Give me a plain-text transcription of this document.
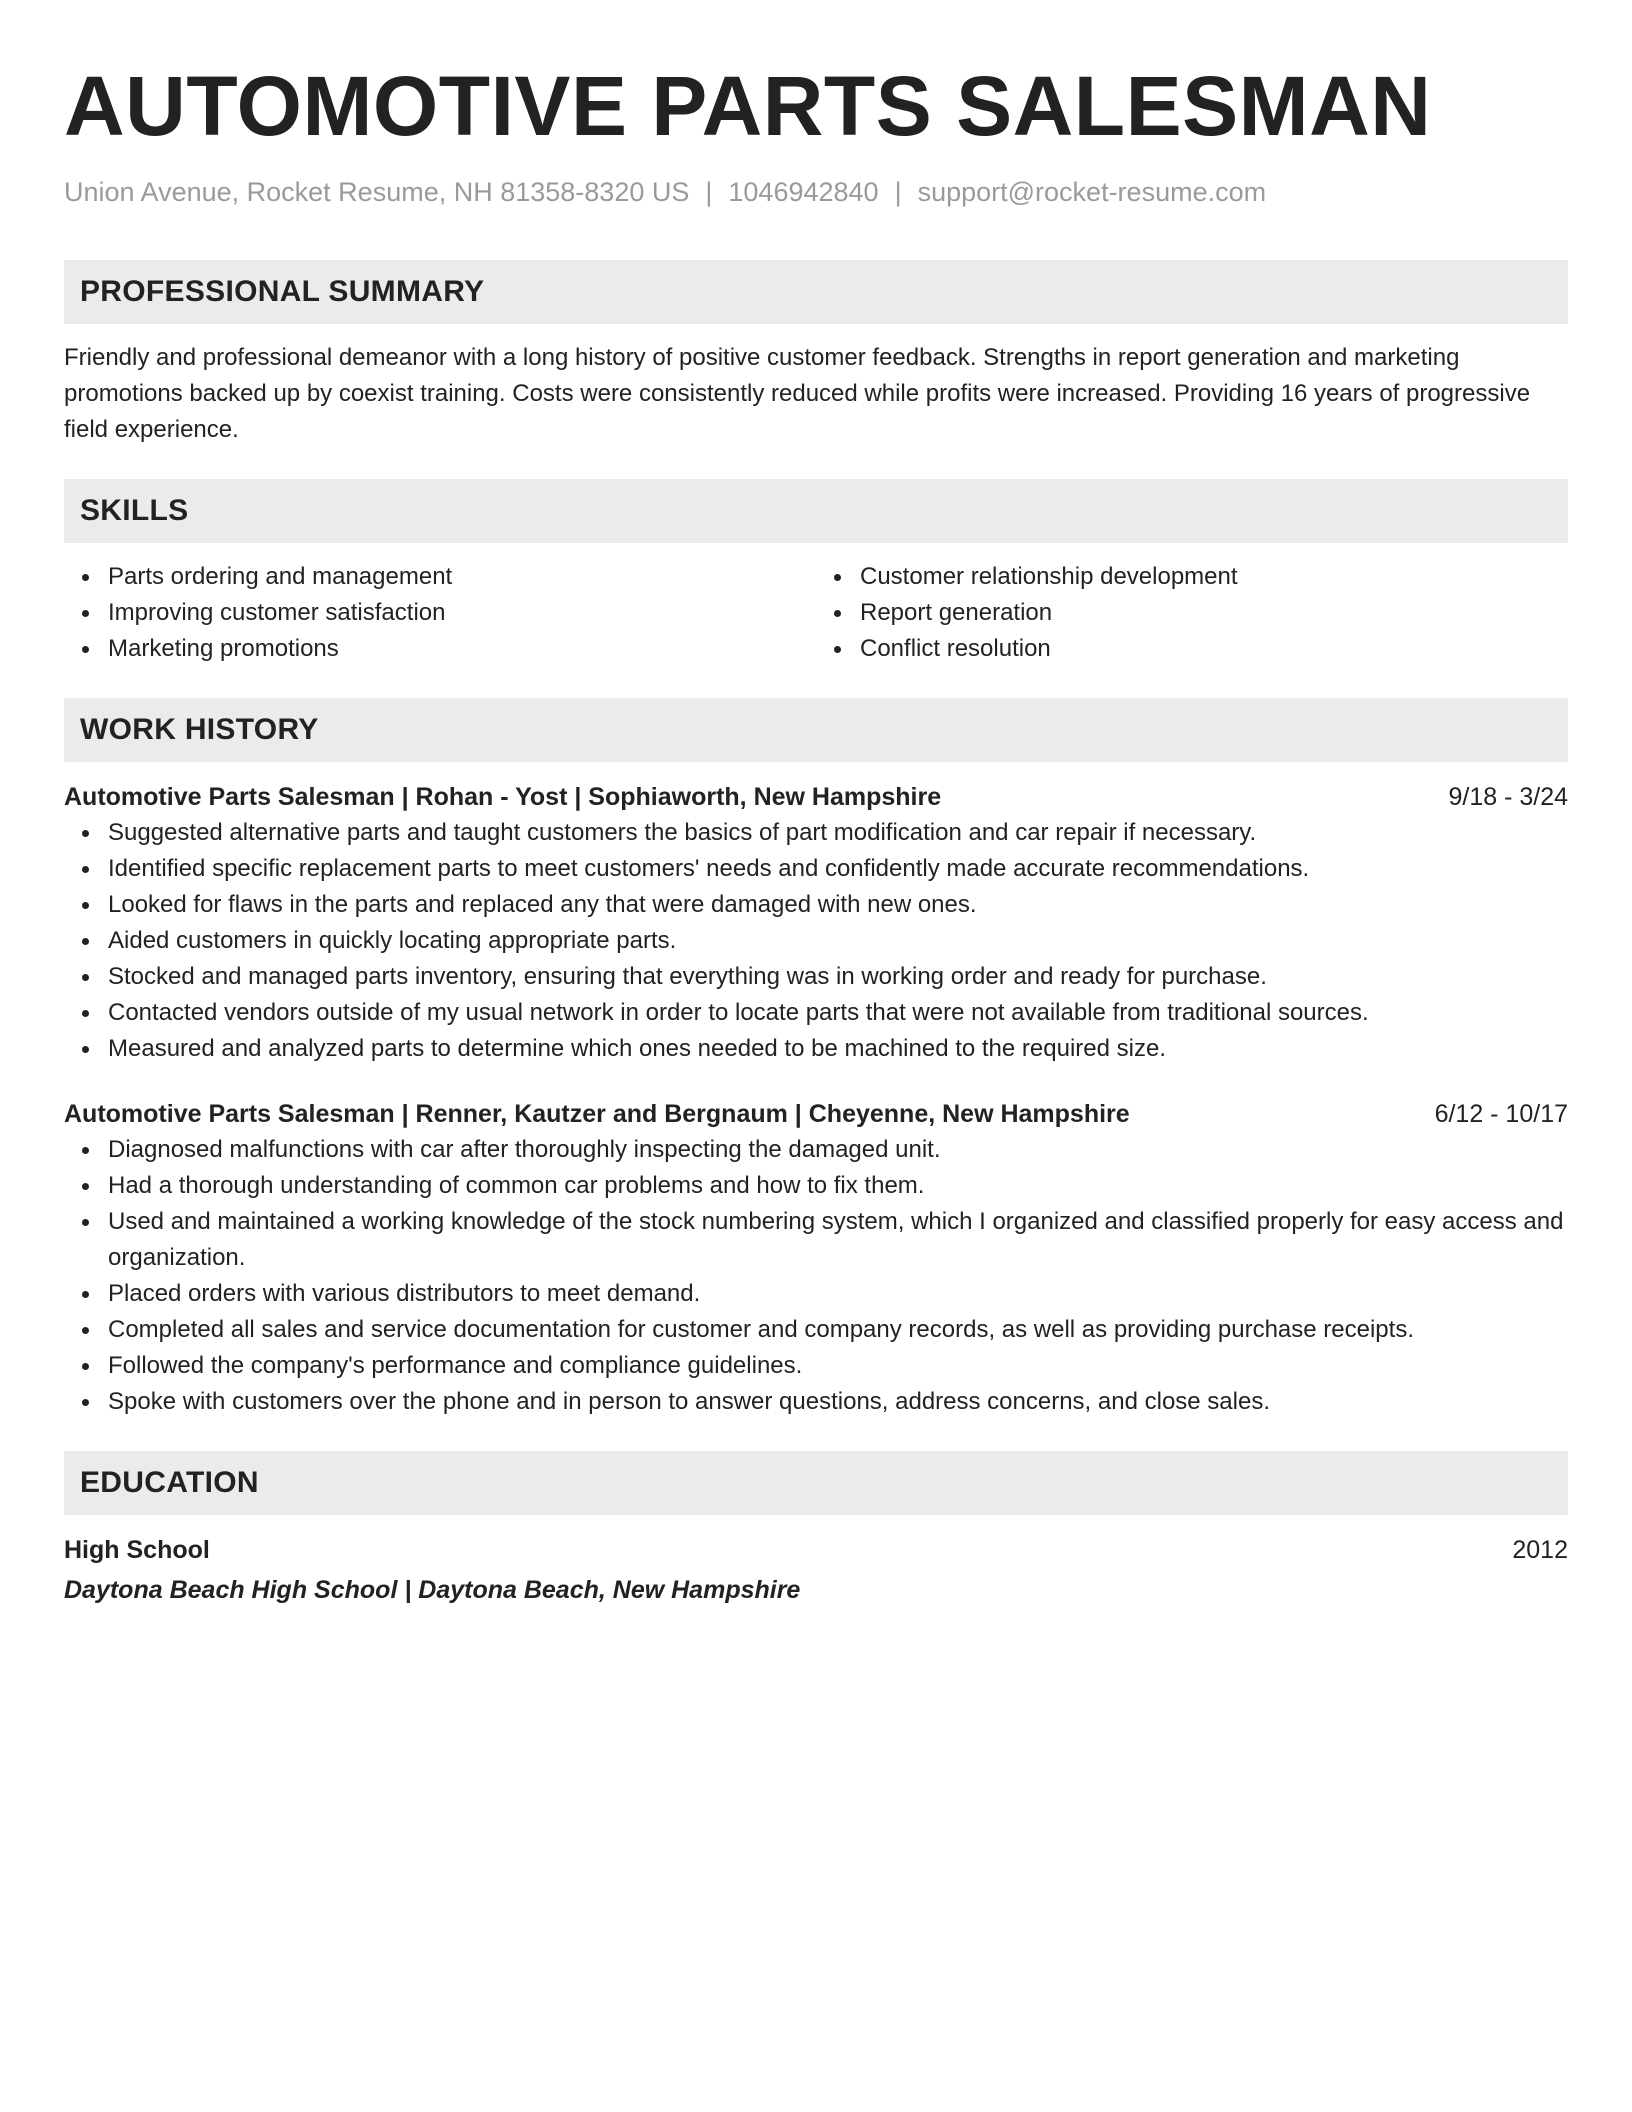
AUTOMOTIVE PARTS SALESMAN
Union Avenue, Rocket Resume, NH 81358-8320 US | 1046942840 | support@rocket-resume.com
PROFESSIONAL SUMMARY
Friendly and professional demeanor with a long history of positive customer feedback. Strengths in report generation and marketing promotions backed up by coexist training. Costs were consistently reduced while profits were increased. Providing 16 years of progressive field experience.
SKILLS
Parts ordering and management
Improving customer satisfaction
Marketing promotions
Customer relationship development
Report generation
Conflict resolution
WORK HISTORY
Automotive Parts Salesman | Rohan - Yost | Sophiaworth, New Hampshire	9/18 - 3/24
Suggested alternative parts and taught customers the basics of part modification and car repair if necessary.
Identified specific replacement parts to meet customers' needs and confidently made accurate recommendations.
Looked for flaws in the parts and replaced any that were damaged with new ones.
Aided customers in quickly locating appropriate parts.
Stocked and managed parts inventory, ensuring that everything was in working order and ready for purchase.
Contacted vendors outside of my usual network in order to locate parts that were not available from traditional sources.
Measured and analyzed parts to determine which ones needed to be machined to the required size.
Automotive Parts Salesman | Renner, Kautzer and Bergnaum | Cheyenne, New Hampshire	6/12 - 10/17
Diagnosed malfunctions with car after thoroughly inspecting the damaged unit.
Had a thorough understanding of common car problems and how to fix them.
Used and maintained a working knowledge of the stock numbering system, which I organized and classified properly for easy access and organization.
Placed orders with various distributors to meet demand.
Completed all sales and service documentation for customer and company records, as well as providing purchase receipts.
Followed the company's performance and compliance guidelines.
Spoke with customers over the phone and in person to answer questions, address concerns, and close sales.
EDUCATION
High School	2012
Daytona Beach High School | Daytona Beach, New Hampshire
